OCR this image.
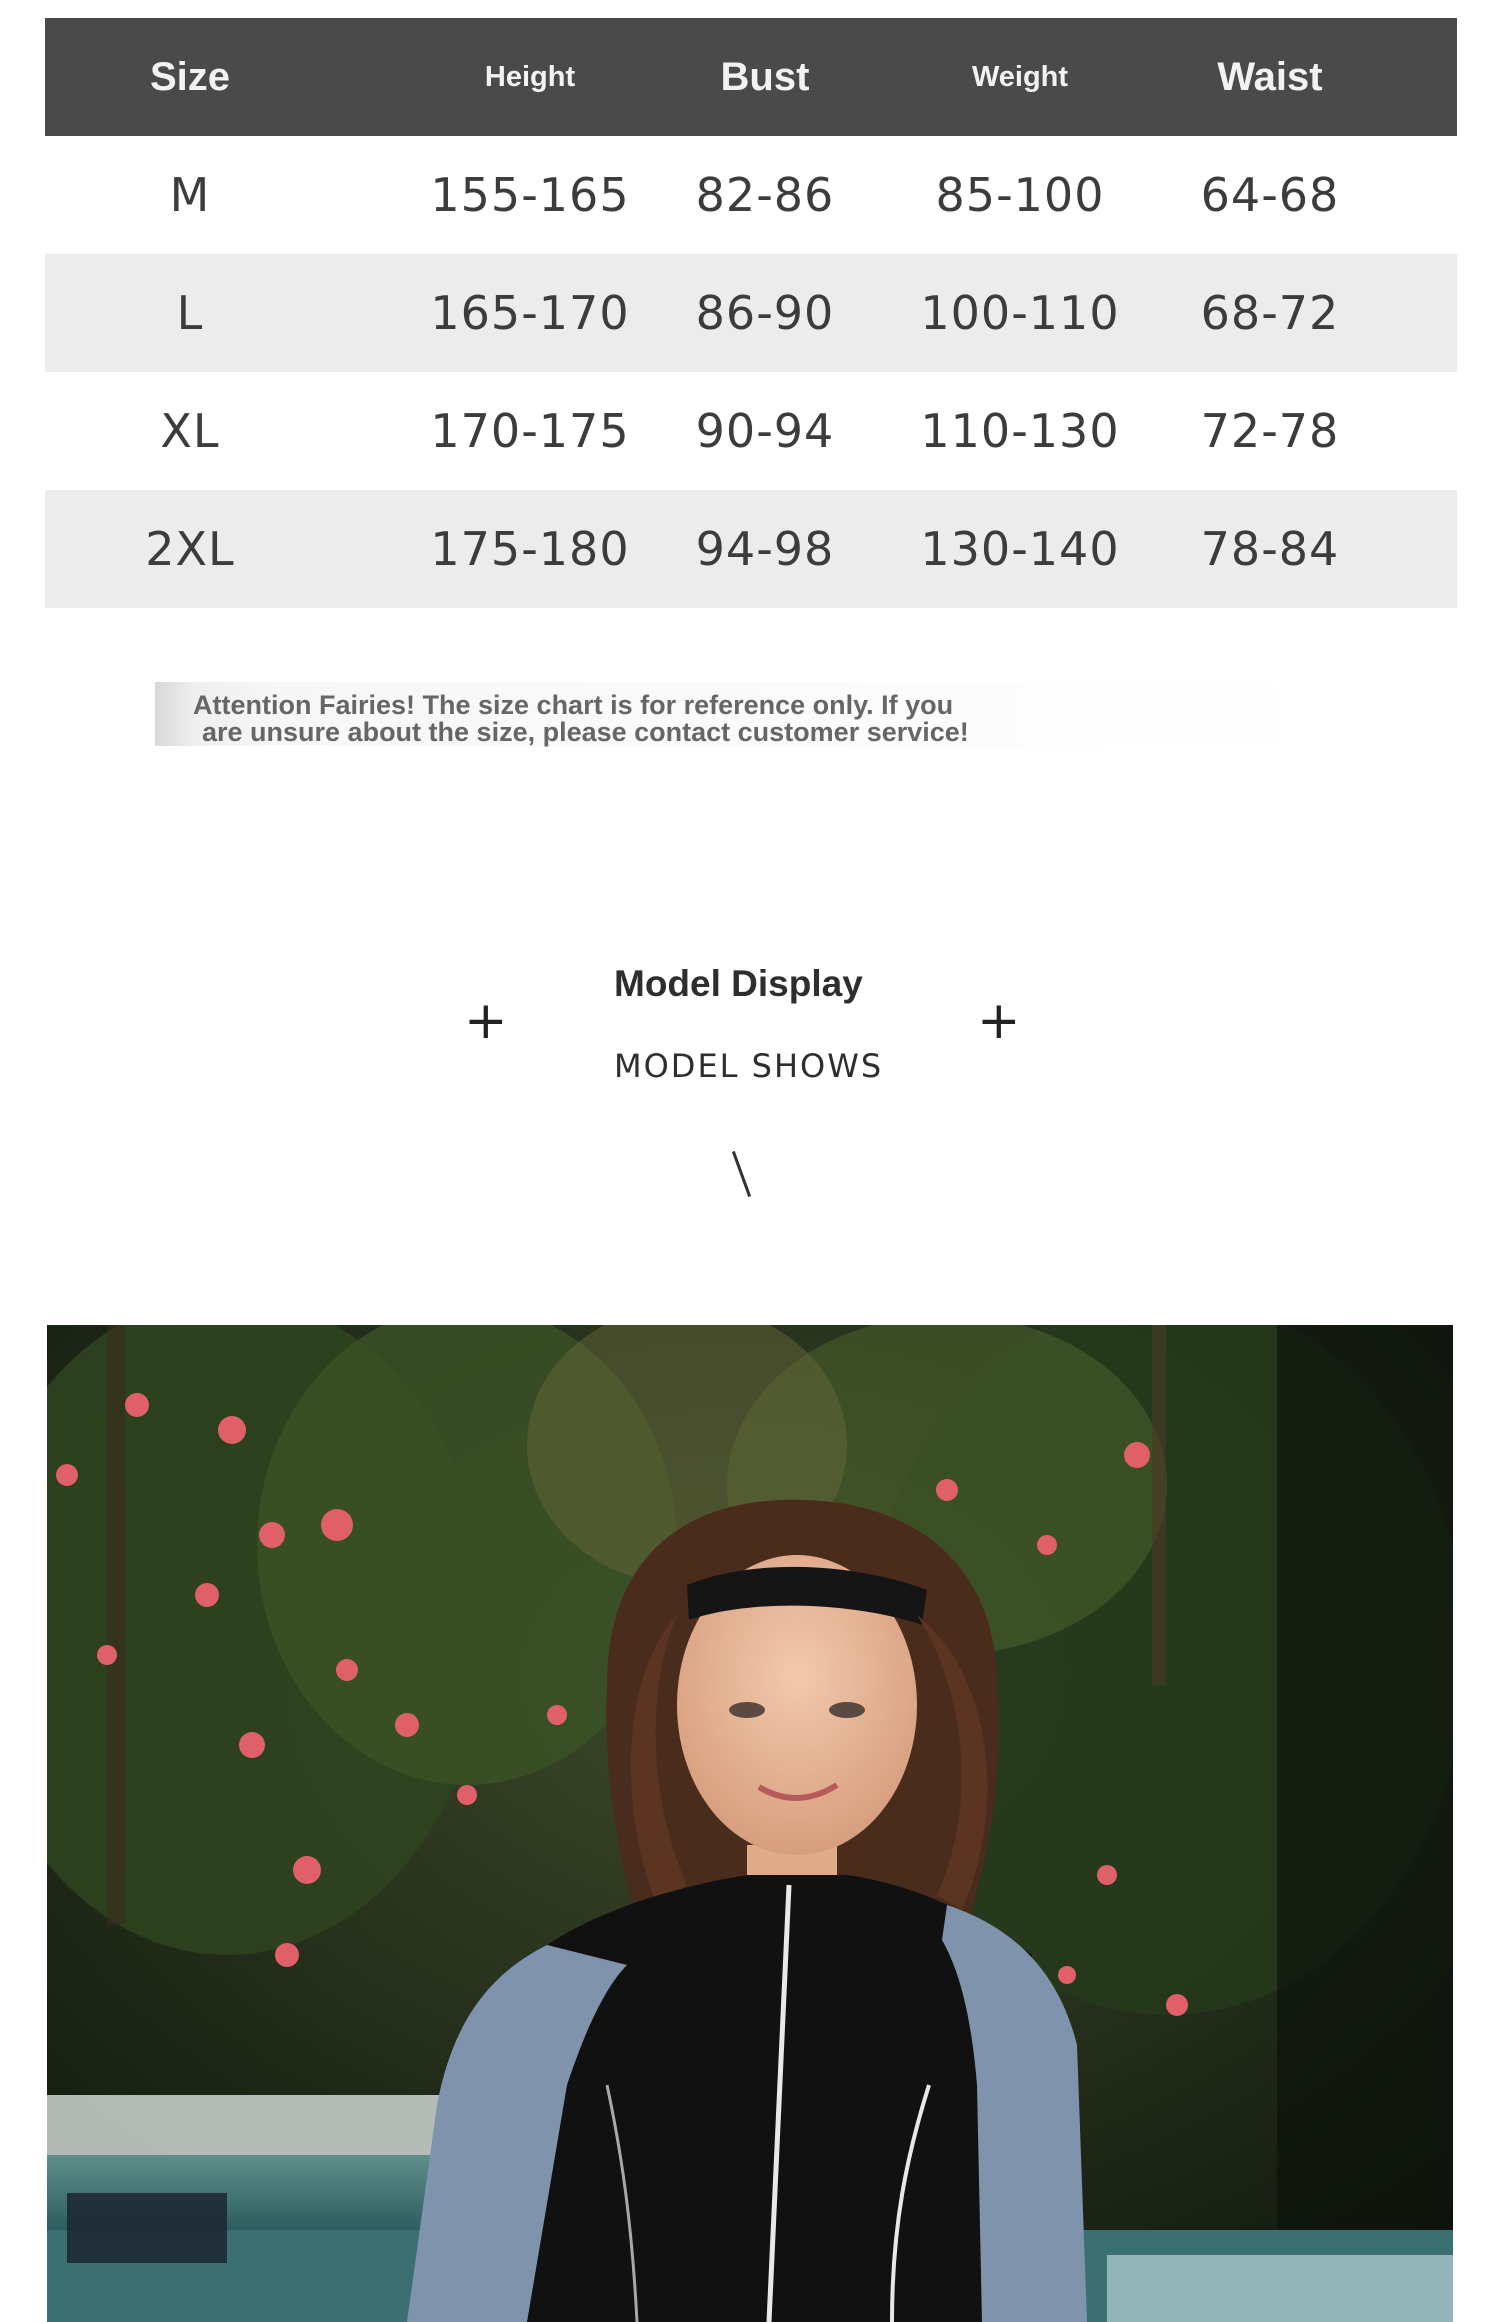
Size	Height	Bust	Weight	Waist
M	155-165	82-86	85-100	64-68
L	165-170	86-90	100-110	68-72
XL	170-175	90-94	110-130	72-78
2XL	175-180	94-98	130-140	78-84
Attention Fairies! The size chart is for reference only. If you
are unsure about the size, please contact customer service!
+
Model Display
MODEL SHOWS
+
